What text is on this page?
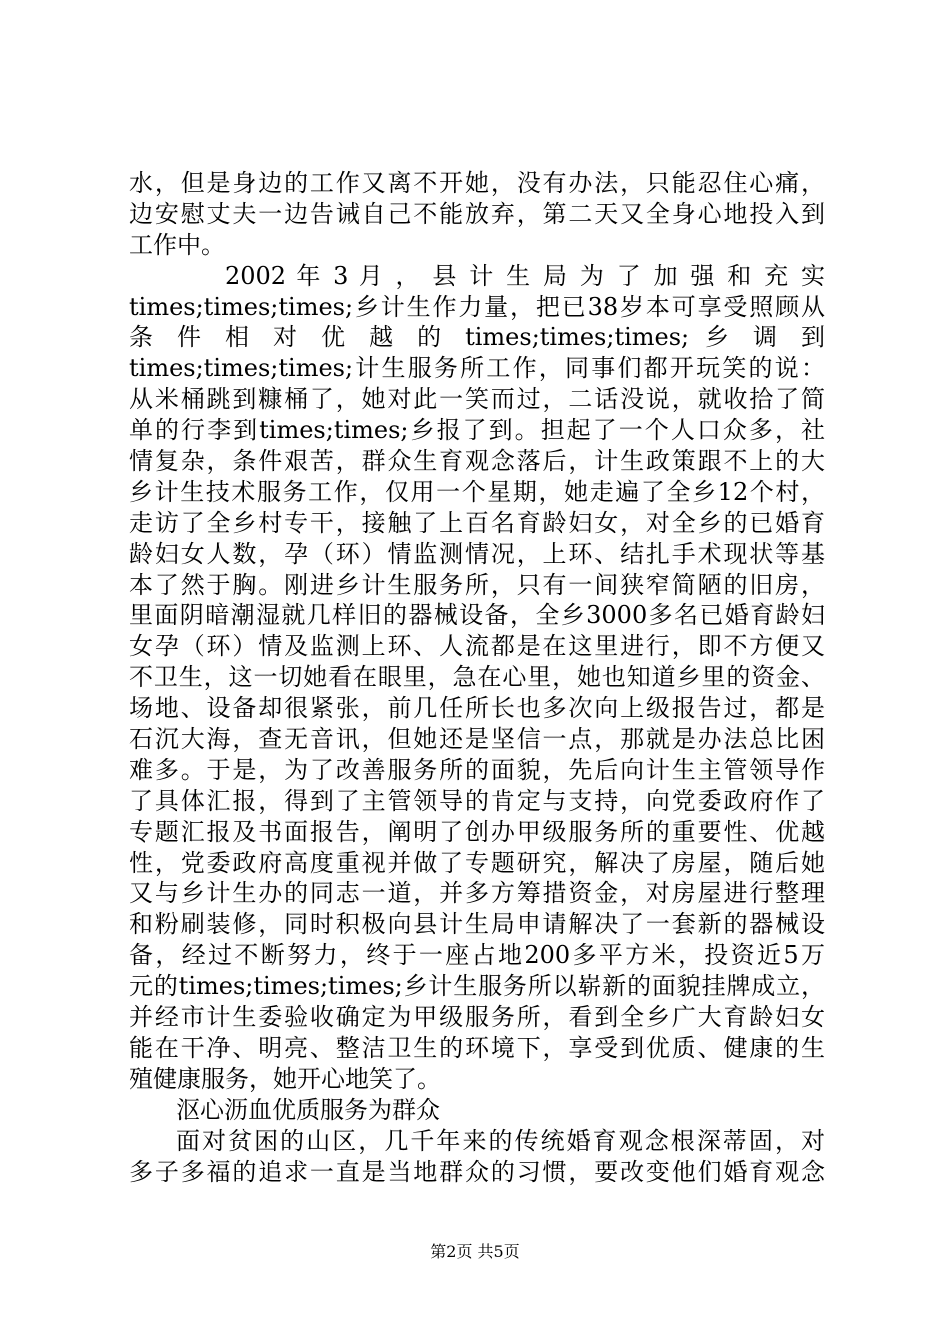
水，但是身边的工作又离不开她，没有办法，只能忍住心痛，
边安慰丈夫一边告诫自己不能放弃，第二天又全身心地投入到
工作中。
2002 年 3 月 ， 县 计 生 局 为 了 加 强 和 充 实
times;times;times;乡计生作力量，把已38岁本可享受照顾从
条 件 相 对 优 越 的 times;times;times; 乡 调 到
times;times;times;计生服务所工作，同事们都开玩笑的说：
从米桶跳到糠桶了，她对此一笑而过，二话没说，就收拾了简
单的行李到times;times;乡报了到。担起了一个人口众多，社
情复杂，条件艰苦，群众生育观念落后，计生政策跟不上的大
乡计生技术服务工作，仅用一个星期，她走遍了全乡12个村，
走访了全乡村专干，接触了上百名育龄妇女，对全乡的已婚育
龄妇女人数，孕（环）情监测情况，上环、结扎手术现状等基
本了然于胸。刚进乡计生服务所，只有一间狭窄简陋的旧房，
里面阴暗潮湿就几样旧的器械设备，全乡3000多名已婚育龄妇
女孕（环）情及监测上环、人流都是在这里进行，即不方便又
不卫生，这一切她看在眼里，急在心里，她也知道乡里的资金、
场地、设备却很紧张，前几任所长也多次向上级报告过，都是
石沉大海，查无音讯，但她还是坚信一点，那就是办法总比困
难多。于是，为了改善服务所的面貌，先后向计生主管领导作
了具体汇报，得到了主管领导的肯定与支持，向党委政府作了
专题汇报及书面报告，阐明了创办甲级服务所的重要性、优越
性，党委政府高度重视并做了专题研究，解决了房屋，随后她
又与乡计生办的同志一道，并多方筹措资金，对房屋进行整理
和粉刷装修，同时积极向县计生局申请解决了一套新的器械设
备，经过不断努力，终于一座占地200多平方米，投资近5万
元的times;times;times;乡计生服务所以崭新的面貌挂牌成立，
并经市计生委验收确定为甲级服务所，看到全乡广大育龄妇女
能在干净、明亮、整洁卫生的环境下，享受到优质、健康的生
殖健康服务，她开心地笑了。
沤心沥血优质服务为群众
面对贫困的山区，几千年来的传统婚育观念根深蒂固，对
多子多福的追求一直是当地群众的习惯，要改变他们婚育观念
第2页 共5页
